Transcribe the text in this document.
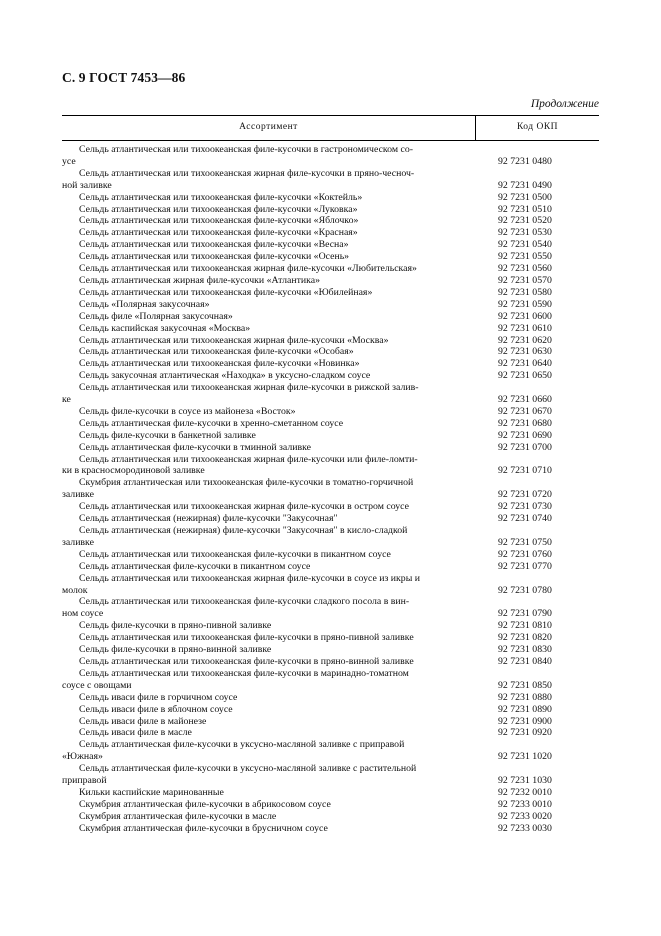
С. 9 ГОСТ 7453—86
Продолжение
Ассортимент	Код ОКП
Сельдь атлантическая или тихоокеанская филе-кусочки в гастрономическом со-
усе	92 7231 0480
Сельдь атлантическая или тихоокеанская жирная филе-кусочки в пряно-чесноч-
ной заливке	92 7231 0490
Сельдь атлантическая или тихоокеанская филе-кусочки «Коктейль»	92 7231 0500
Сельдь атлантическая или тихоокеанская филе-кусочки «Луковка»	92 7231 0510
Сельдь атлантическая или тихоокеанская филе-кусочки «Яблочко»	92 7231 0520
Сельдь атлантическая или тихоокеанская филе-кусочки «Красная»	92 7231 0530
Сельдь атлантическая или тихоокеанская филе-кусочки «Весна»	92 7231 0540
Сельдь атлантическая или тихоокеанская филе-кусочки «Осень»	92 7231 0550
Сельдь атлантическая или тихоокеанская жирная филе-кусочки «Любительская»	92 7231 0560
Сельдь атлантическая жирная филе-кусочки «Атлантика»	92 7231 0570
Сельдь атлантическая или тихоокеанская филе-кусочки «Юбилейная»	92 7231 0580
Сельдь «Полярная закусочная»	92 7231 0590
Сельдь филе «Полярная закусочная»	92 7231 0600
Сельдь каспийская закусочная «Москва»	92 7231 0610
Сельдь атлантическая или тихоокеанская жирная филе-кусочки «Москва»	92 7231 0620
Сельдь атлантическая или тихоокеанская филе-кусочки «Особая»	92 7231 0630
Сельдь атлантическая или тихоокеанская филе-кусочки «Новинка»	92 7231 0640
Сельдь закусочная атлантическая «Находка» в уксусно-сладком соусе	92 7231 0650
Сельдь атлантическая или тихоокеанская жирная филе-кусочки в рижской залив-
ке	92 7231 0660
Сельдь филе-кусочки в соусе из майонеза «Восток»	92 7231 0670
Сельдь атлантическая филе-кусочки в хренно-сметанном соусе	92 7231 0680
Сельдь филе-кусочки в банкетной заливке	92 7231 0690
Сельдь атлантическая филе-кусочки в тминной заливке	92 7231 0700
Сельдь атлантическая или тихоокеанская жирная филе-кусочки или филе-ломти-
ки в красносмородиновой заливке	92 7231 0710
Скумбрия атлантическая или тихоокеанская филе-кусочки в томатно-горчичной
заливке	92 7231 0720
Сельдь атлантическая или тихоокеанская жирная филе-кусочки в остром соусе	92 7231 0730
Сельдь атлантическая (нежирная) филе-кусочки "Закусочная"	92 7231 0740
Сельдь атлантическая (нежирная) филе-кусочки "Закусочная" в кисло-сладкой
заливке	92 7231 0750
Сельдь атлантическая или тихоокеанская филе-кусочки в пикантном соусе	92 7231 0760
Сельдь атлантическая филе-кусочки в пикантном соусе	92 7231 0770
Сельдь атлантическая или тихоокеанская жирная филе-кусочки в соусе из икры и
молок	92 7231 0780
Сельдь атлантическая или тихоокеанская филе-кусочки сладкого посола в вин-
ном соусе	92 7231 0790
Сельдь филе-кусочки в пряно-пивной заливке	92 7231 0810
Сельдь атлантическая или тихоокеанская филе-кусочки в пряно-пивной заливке	92 7231 0820
Сельдь филе-кусочки в пряно-винной заливке	92 7231 0830
Сельдь атлантическая или тихоокеанская филе-кусочки в пряно-винной заливке	92 7231 0840
Сельдь атлантическая или тихоокеанская филе-кусочки в маринадно-томатном
соусе с овощами	92 7231 0850
Сельдь иваси филе в горчичном соусе	92 7231 0880
Сельдь иваси филе в яблочном соусе	92 7231 0890
Сельдь иваси филе в майонезе	92 7231 0900
Сельдь иваси филе в масле	92 7231 0920
Сельдь атлантическая филе-кусочки в уксусно-масляной заливке с приправой
«Южная»	92 7231 1020
Сельдь атлантическая филе-кусочки в уксусно-масляной заливке с растительной
приправой	92 7231 1030
Кильки каспийские маринованные	92 7232 0010
Скумбрия атлантическая филе-кусочки в абрикосовом соусе	92 7233 0010
Скумбрия атлантическая филе-кусочки в масле	92 7233 0020
Скумбрия атлантическая филе-кусочки в брусничном соусе	92 7233 0030
